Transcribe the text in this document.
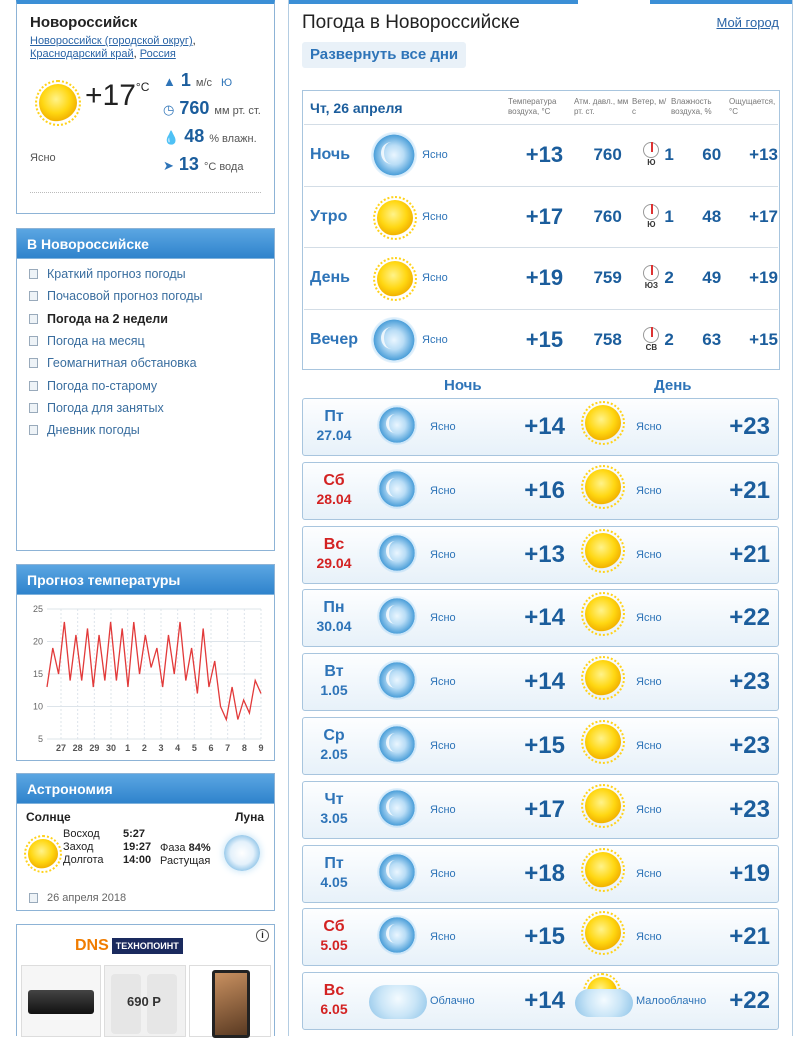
Новороссийск
Новороссийск (городской округ),
Краснодарский край, Россия
$+17^{^\circ C}$
Ясно
▲ 1 м/с Ю
◷ 760 мм рт. ст.
💧 48 % влажн.
➤ 13 °C вода
В Новороссийске
Краткий прогноз погоды
Почасовой прогноз погоды
Погода на 2 недели
Погода на месяц
Геомагнитная обстановка
Погода по-старому
Погода для занятых
Дневник погоды
Прогноз температуры
25
20
15
10
5
27 28 29 30 1 2 3 4 5 6 7 8 9
Астрономия
Солнце	Луна
Восход	5:27
Заход	19:27
Долгота	14:00
Фаза 84%
Растущая
26 апреля 2018
i
DNS ТЕХНОПОИНТ
690 Р
Погода в Новороссийске	Мой город
Развернуть все дни
Чт, 26 апреля	Температура воздуха, °С
Атм. давл., мм рт. ст.
Ветер, м/с
Влажность воздуха, %
Ощущается, °С
Ночь	Ясно	+13	760	Ю 1	60	+13
Утро	Ясно	+17	760	Ю 1	48	+17
День	Ясно	+19	759	ЮЗ 2	49	+19
Вечер	Ясно	+15	758	СВ 2	63	+15
Ночь	День
Пт
27.04	Ясно	+14	Ясно	+23
Сб
28.04	Ясно	+16	Ясно	+21
Вс
29.04	Ясно	+13	Ясно	+21
Пн
30.04	Ясно	+14	Ясно	+22
Вт
1.05	Ясно	+14	Ясно	+23
Ср
2.05	Ясно	+15	Ясно	+23
Чт
3.05	Ясно	+17	Ясно	+23
Пт
4.05	Ясно	+18	Ясно	+19
Сб
5.05	Ясно	+15	Ясно	+21
Вс
6.05	Облачно	+14	Малооблачно +22
